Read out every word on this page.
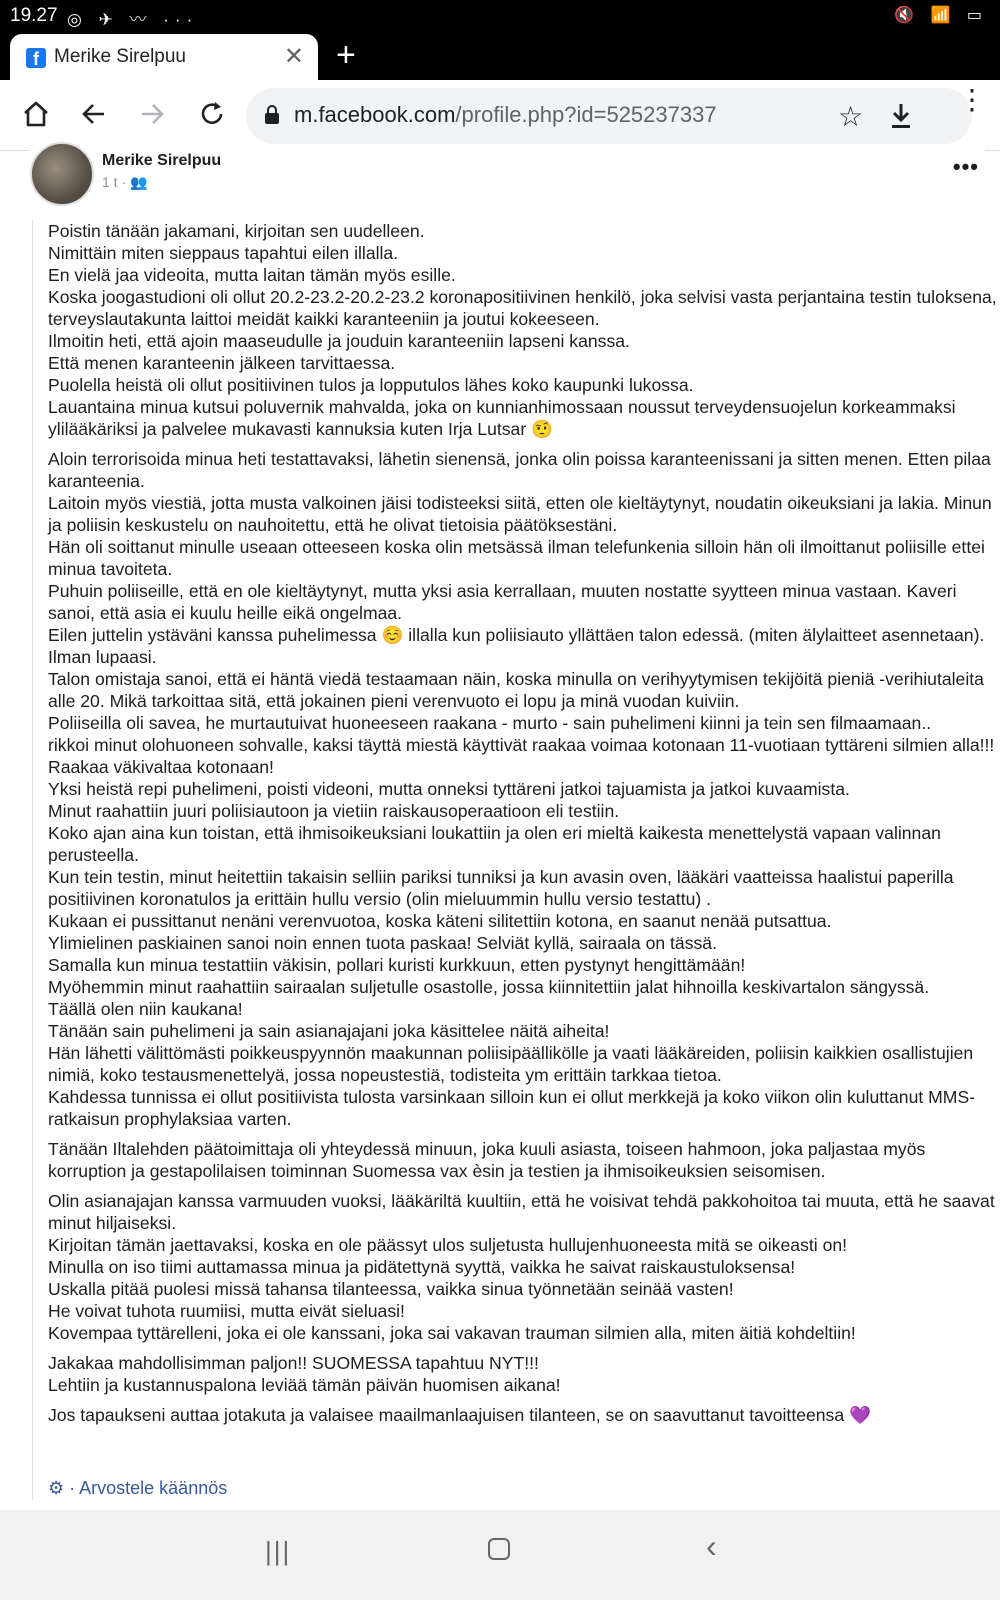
19.27 ◎ ✈ 〰 ···	🔇 📶 ▭
f Merike Sirelpuu	✕ +
m.facebook.com/profile.php?id=525237337	☆
⋮
Merike Sirelpuu
1 t · 👥
•••

Poistin tänään jakamani, kirjoitan sen uudelleen.

Nimittäin miten sieppaus tapahtui eilen illalla.

En vielä jaa videoita, mutta laitan tämän myös esille.

Koska joogastudioni oli ollut 20.2-23.2-20.2-23.2 koronapositiivinen henkilö, joka selvisi vasta perjantaina testin tuloksena, terveyslautakunta laittoi meidät kaikki karanteeniin ja joutui kokeeseen.

Ilmoitin heti, että ajoin maaseudulle ja jouduin karanteeniin lapseni kanssa.

Että menen karanteenin jälkeen tarvittaessa.

Puolella heistä oli ollut positiivinen tulos ja lopputulos lähes koko kaupunki lukossa.

Lauantaina minua kutsui poluvernik mahvalda, joka on kunnianhimossaan noussut terveydensuojelun korkeammaksi ylilääkäriksi ja palvelee mukavasti kannuksia kuten Irja Lutsar 🤨

Aloin terrorisoida minua heti testattavaksi, lähetin sienensä, jonka olin poissa karanteenissani ja sitten menen. Etten pilaa karanteenia.

Laitoin myös viestiä, jotta musta valkoinen jäisi todisteeksi siitä, etten ole kieltäytynyt, noudatin oikeuksiani ja lakia. Minun ja poliisin keskustelu on nauhoitettu, että he olivat tietoisia päätöksestäni.

Hän oli soittanut minulle useaan otteeseen koska olin metsässä ilman telefunkenia silloin hän oli ilmoittanut poliisille ettei minua tavoiteta.

Puhuin poliiseille, että en ole kieltäytynyt, mutta yksi asia kerrallaan, muuten nostatte syytteen minua vastaan. Kaveri sanoi, että asia ei kuulu heille eikä ongelmaa.

Eilen juttelin ystäväni kanssa puhelimessa ☺️ illalla kun poliisiauto yllättäen talon edessä. (miten älylaitteet asennetaan). Ilman lupaasi.

Talon omistaja sanoi, että ei häntä viedä testaamaan näin, koska minulla on verihyytymisen tekijöitä pieniä -verihiutaleita alle 20. Mikä tarkoittaa sitä, että jokainen pieni verenvuoto ei lopu ja minä vuodan kuiviin.

Poliiseilla oli savea, he murtautuivat huoneeseen raakana - murto - sain puhelimeni kiinni ja tein sen filmaamaan..

rikkoi minut olohuoneen sohvalle, kaksi täyttä miestä käyttivät raakaa voimaa kotonaan 11-vuotiaan tyttäreni silmien alla!!! Raakaa väkivaltaa kotonaan!

Yksi heistä repi puhelimeni, poisti videoni, mutta onneksi tyttäreni jatkoi tajuamista ja jatkoi kuvaamista.

Minut raahattiin juuri poliisiautoon ja vietiin raiskausoperaatioon eli testiin.

Koko ajan aina kun toistan, että ihmisoikeuksiani loukattiin ja olen eri mieltä kaikesta menettelystä vapaan valinnan perusteella.

Kun tein testin, minut heitettiin takaisin selliin pariksi tunniksi ja kun avasin oven, lääkäri vaatteissa haalistui paperilla positiivinen koronatulos ja erittäin hullu versio (olin mieluummin hullu versio testattu) .

Kukaan ei pussittanut nenäni verenvuotoa, koska käteni silitettiin kotona, en saanut nenää putsattua.

Ylimielinen paskiainen sanoi noin ennen tuota paskaa! Selviät kyllä, sairaala on tässä.

Samalla kun minua testattiin väkisin, pollari kuristi kurkkuun, etten pystynyt hengittämään!

Myöhemmin minut raahattiin sairaalan suljetulle osastolle, jossa kiinnitettiin jalat hihnoilla keskivartalon sängyssä.

Täällä olen niin kaukana!

Tänään sain puhelimeni ja sain asianajajani joka käsittelee näitä aiheita!

Hän lähetti välittömästi poikkeuspyynnön maakunnan poliisipäällikölle ja vaati lääkäreiden, poliisin kaikkien osallistujien nimiä, koko testausmenettelyä, jossa nopeustestiä, todisteita ym erittäin tarkkaa tietoa.

Kahdessa tunnissa ei ollut positiivista tulosta varsinkaan silloin kun ei ollut merkkejä ja koko viikon olin kuluttanut MMS-ratkaisun prophylaksiaa varten.

Tänään Iltalehden päätoimittaja oli yhteydessä minuun, joka kuuli asiasta, toiseen hahmoon, joka paljastaa myös korruption ja gestapolilaisen toiminnan Suomessa vax èsin ja testien ja ihmisoikeuksien seisomisen.

Olin asianajajan kanssa varmuuden vuoksi, lääkäriltä kuultiin, että he voisivat tehdä pakkohoitoa tai muuta, että he saavat minut hiljaiseksi.

Kirjoitan tämän jaettavaksi, koska en ole päässyt ulos suljetusta hullujenhuoneesta mitä se oikeasti on!

Minulla on iso tiimi auttamassa minua ja pidätettynä syyttä, vaikka he saivat raiskaustuloksensa!

Uskalla pitää puolesi missä tahansa tilanteessa, vaikka sinua työnnetään seinää vasten!

He voivat tuhota ruumiisi, mutta eivät sieluasi!

Kovempaa tyttärelleni, joka ei ole kanssani, joka sai vakavan trauman silmien alla, miten äitiä kohdeltiin!

Jakakaa mahdollisimman paljon!! SUOMESSA tapahtuu NYT!!!

Lehtiin ja kustannuspalona leviää tämän päivän huomisen aikana!

Jos tapaukseni auttaa jotakuta ja valaisee maailmanlaajuisen tilanteen, se on saavuttanut tavoitteensa 💜

⚙ · Arvostele käännös
|||	‹
